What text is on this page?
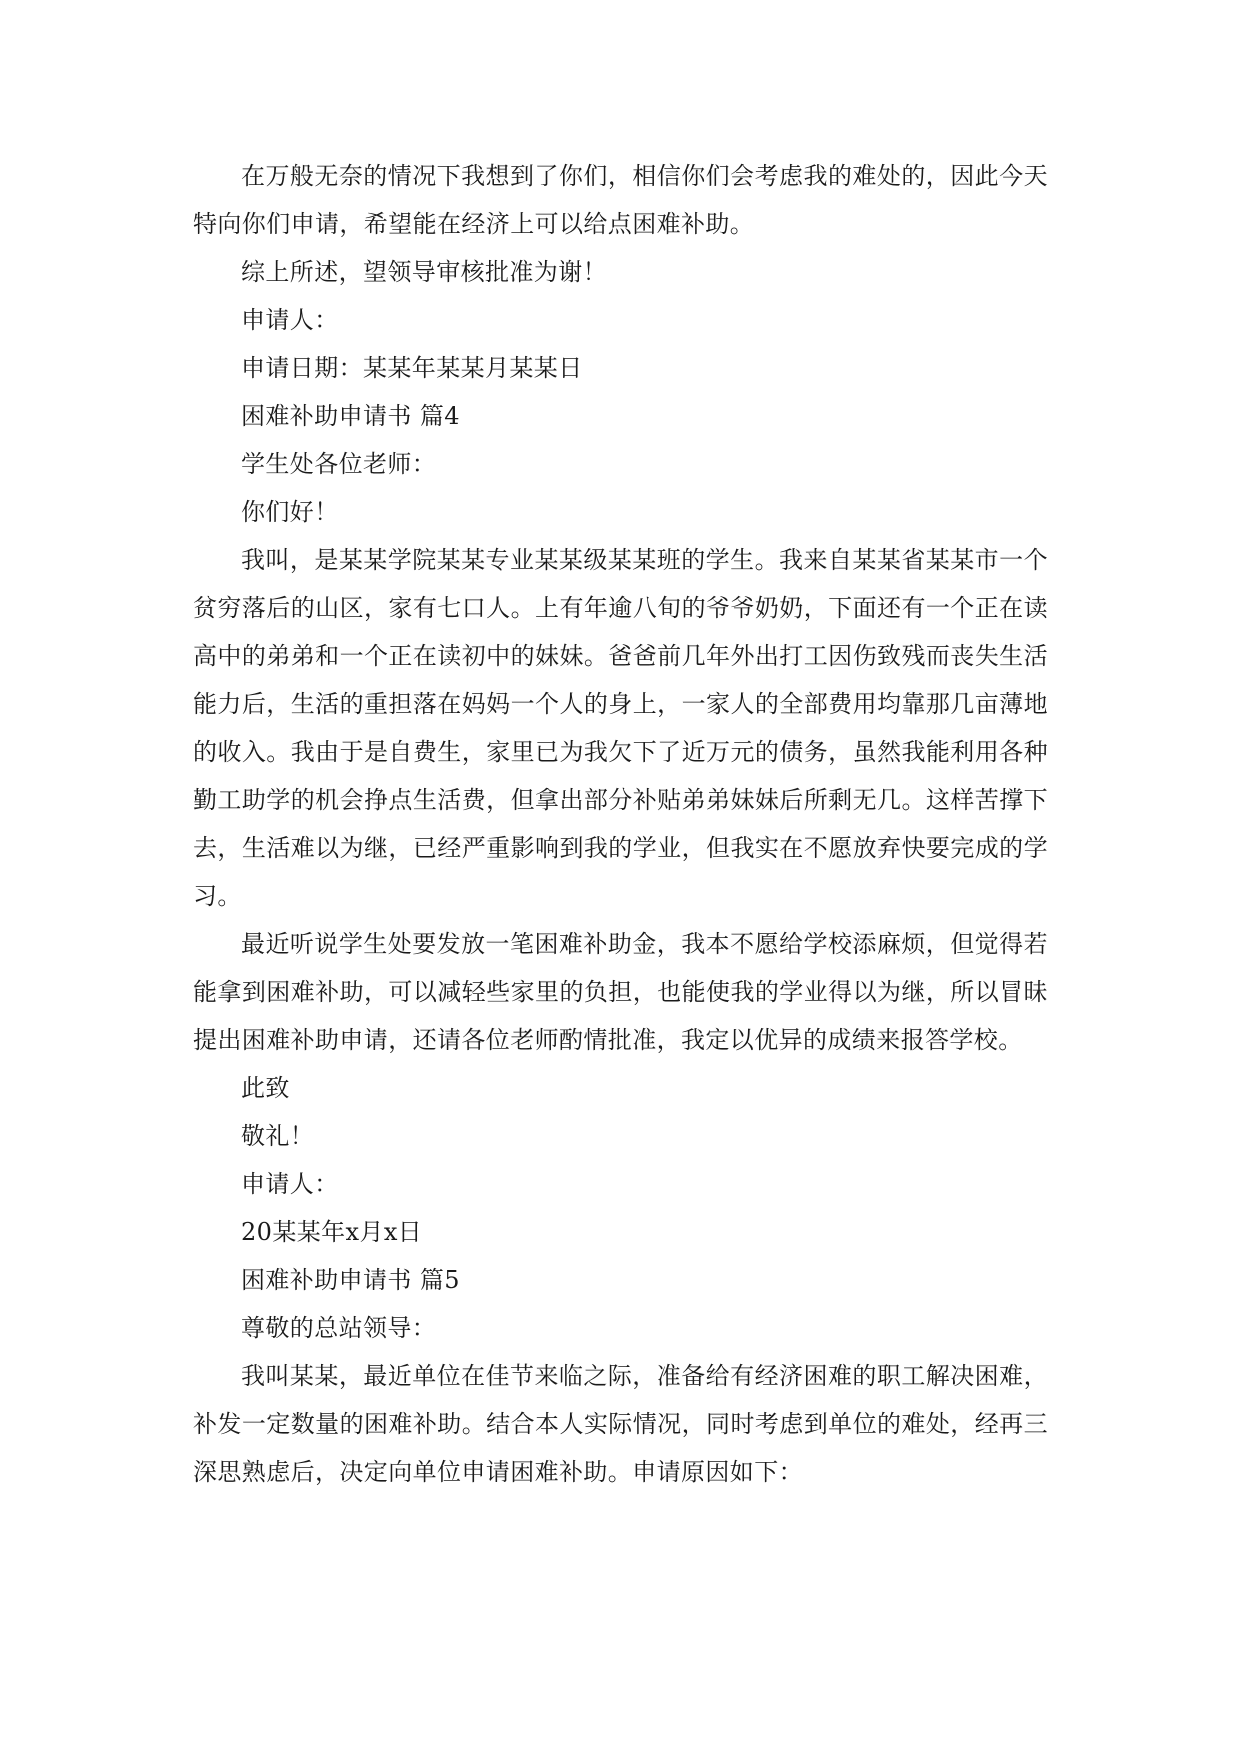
在万般无奈的情况下我想到了你们，相信你们会考虑我的难处的，因此今天特向你们申请，希望能在经济上可以给点困难补助。

综上所述，望领导审核批准为谢！

申请人：

申请日期：某某年某某月某某日

困难补助申请书 篇4

学生处各位老师：

你们好！

我叫，是某某学院某某专业某某级某某班的学生。我来自某某省某某市一个贫穷落后的山区，家有七口人。上有年逾八旬的爷爷奶奶，下面还有一个正在读高中的弟弟和一个正在读初中的妹妹。爸爸前几年外出打工因伤致残而丧失生活能力后，生活的重担落在妈妈一个人的身上，一家人的全部费用均靠那几亩薄地的收入。我由于是自费生，家里已为我欠下了近万元的债务，虽然我能利用各种勤工助学的机会挣点生活费，但拿出部分补贴弟弟妹妹后所剩无几。这样苦撑下去，生活难以为继，已经严重影响到我的学业，但我实在不愿放弃快要完成的学习。

最近听说学生处要发放一笔困难补助金，我本不愿给学校添麻烦，但觉得若能拿到困难补助，可以减轻些家里的负担，也能使我的学业得以为继，所以冒昧提出困难补助申请，还请各位老师酌情批准，我定以优异的成绩来报答学校。

此致

敬礼！

申请人：

20某某年x月x日

困难补助申请书 篇5

尊敬的总站领导：

我叫某某，最近单位在佳节来临之际，准备给有经济困难的职工解决困难，补发一定数量的困难补助。结合本人实际情况，同时考虑到单位的难处，经再三深思熟虑后，决定向单位申请困难补助。申请原因如下：
